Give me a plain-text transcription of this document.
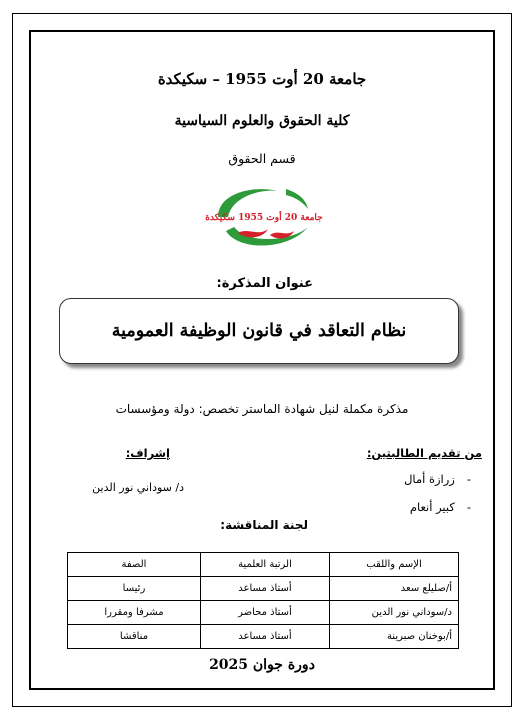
جامعة 20 أوت 1955 – سكيكدة
كلية الحقوق والعلوم السياسية
قسم الحقوق
جامعة 20 أوت 1955 سكيكدة
عنوان المذكرة:
نظام التعاقد في قانون الوظيفة العمومية
مذكرة مكملة لنيل شهادة الماستر تخصص: دولة ومؤسسات
من تقديم الطالبتين:
إشراف:
-زرازة أمال
-كبير أنعام
د/ سوداني نور الدين
لجنة المناقشة:
الإسم واللقب	الرتبة العلمية	الصفة
أ/صليلع سعد	أستاذ مساعد	رئيسا
د/سوداني نور الدين	أستاذ محاضر	مشرفا ومقررا
أ/بوخنان صبرينة	أستاذ مساعد	مناقشا
دورة جوان 2025
